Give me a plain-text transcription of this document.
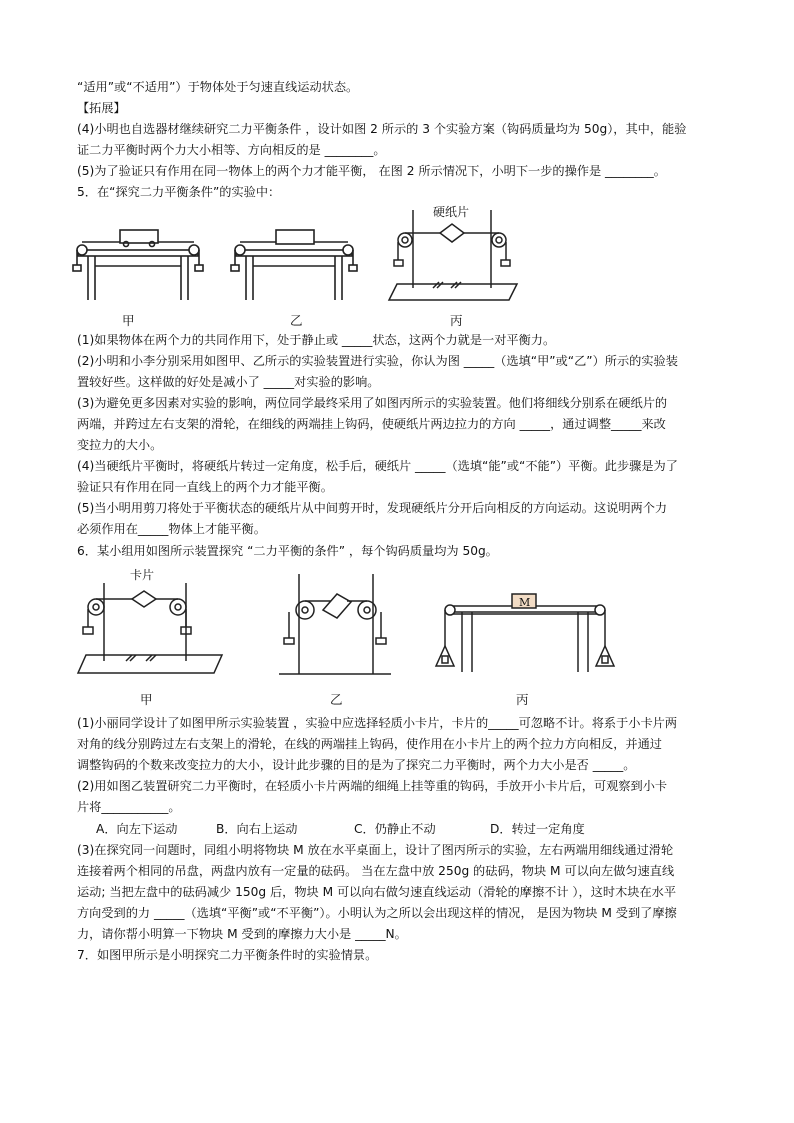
“适用”或“不适用”）于物体处于匀速直线运动状态。
【拓展】
(4)小明也自选器材继续研究二力平衡条件 ，设计如图 2 所示的 3 个实验方案（钩码质量均为 50g），其中，能验
证二力平衡时两个力大小相等、方向相反的是 ________。
(5)为了验证只有作用在同一物体上的两个力才能平衡， 在图 2 所示情况下，小明下一步的操作是 ________。
5．在“探究二力平衡条件”的实验中：
硬纸片
甲	乙	丙
(1)如果物体在两个力的共同作用下，处于静止或 _____状态，这两个力就是一对平衡力。
(2)小明和小李分别采用如图甲、乙所示的实验装置进行实验，你认为图 _____（选填“甲”或“乙”）所示的实验装
置较好些。这样做的好处是减小了 _____对实验的影响。
(3)为避免更多因素对实验的影响，两位同学最终采用了如图丙所示的实验装置。他们将细线分别系在硬纸片的
两端，并跨过左右支架的滑轮，在细线的两端挂上钩码，使硬纸片两边拉力的方向 _____，通过调整_____来改
变拉力的大小。
(4)当硬纸片平衡时，将硬纸片转过一定角度，松手后，硬纸片 _____（选填“能”或“不能”）平衡。此步骤是为了
验证只有作用在同一直线上的两个力才能平衡。
(5)当小明用剪刀将处于平衡状态的硬纸片从中间剪开时，发现硬纸片分开后向相反的方向运动。这说明两个力
必须作用在_____物体上才能平衡。
6．某小组用如图所示装置探究 “二力平衡的条件” ，每个钩码质量均为 50g。
卡片
M
甲	乙	丙
(1)小丽同学设计了如图甲所示实验装置 ，实验中应选择轻质小卡片，卡片的_____可忽略不计。将系于小卡片两
对角的线分别跨过左右支架上的滑轮，在线的两端挂上钩码，使作用在小卡片上的两个拉力方向相反，并通过
调整钩码的个数来改变拉力的大小，设计此步骤的目的是为了探究二力平衡时，两个力大小是否 _____。
(2)用如图乙装置研究二力平衡时，在轻质小卡片两端的细绳上挂等重的钩码，手放开小卡片后，可观察到小卡
片将___________。
A．向左下运动	B．向右上运动	C．仍静止不动	D．转过一定角度
(3)在探究同一问题时，同组小明将物块 M 放在水平桌面上，设计了图丙所示的实验，左右两端用细线通过滑轮
连接着两个相同的吊盘，两盘内放有一定量的砝码。 当在左盘中放 250g 的砝码，物块 M 可以向左做匀速直线
运动; 当把左盘中的砝码减少 150g 后，物块 M 可以向右做匀速直线运动（滑轮的摩擦不计 ），这时木块在水平
方向受到的力 _____（选填“平衡”或“不平衡”）。小明认为之所以会出现这样的情况， 是因为物块 M 受到了摩擦
力，请你帮小明算一下物块 M 受到的摩擦力大小是 _____N。
7．如图甲所示是小明探究二力平衡条件时的实验情景。
